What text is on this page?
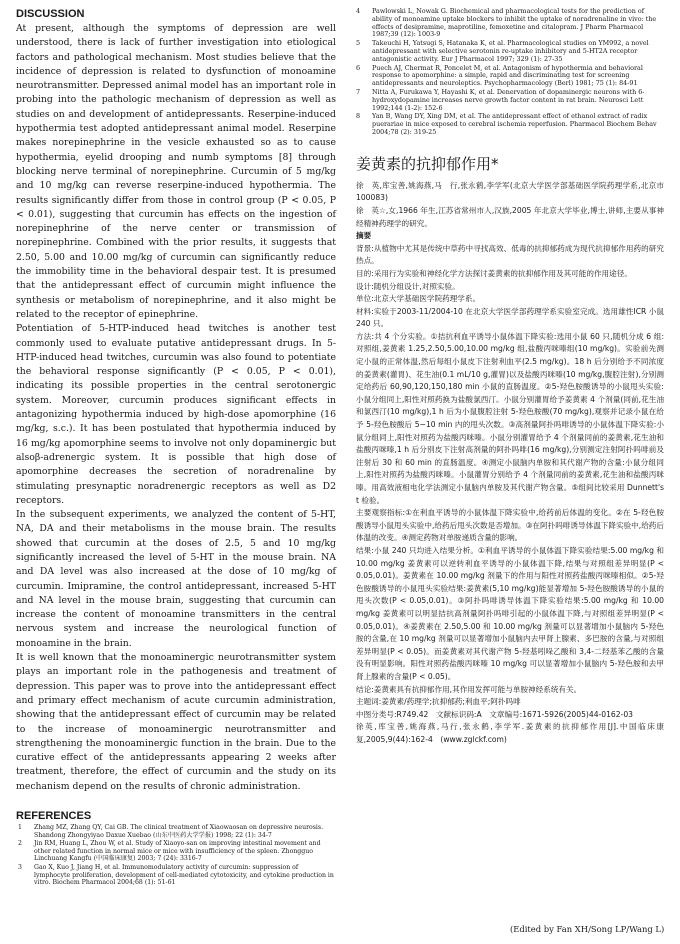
DISCUSSION

At present, although the symptoms of depression are well understood, there is lack of further investigation into etiological factors and pathological mechanism. Most studies believe that the incidence of depression is related to dysfunction of monoamine neurotransmitter. Depressed animal model has an important role in probing into the pathologic mechanism of depression as well as studies on and development of antidepressants. Reserpine-induced hypothermia test adopted antidepressant animal model. Reserpine makes norepinephrine in the vesicle exhausted so as to cause hypothermia, eyelid drooping and numb symptoms [8] through blocking nerve terminal of norepinephrine. Curcumin of 5 mg/kg and 10 mg/kg can reverse reserpine-induced hypothermia. The results significantly differ from those in control group (P < 0.05, P < 0.01), suggesting that curcumin has effects on the ingestion of norepinephrine of the nerve center or transmission of norepinephrine. Combined with the prior results, it suggests that 2.50, 5.00 and 10.00 mg/kg of curcumin can significantly reduce the immobility time in the behavioral despair test. It is presumed that the antidepressant effect of curcumin might influence the synthesis or metabolism of norepinephrine, and it also might be related to the receptor of epinephrine.

Potentiation of 5-HTP-induced head twitches is another test commonly used to evaluate putative antidepressant drugs. In 5-HTP-induced head twitches, curcumin was also found to potentiate the behavioral response significantly (P < 0.05, P < 0.01), indicating its possible properties in the central serotonergic system. Moreover, curcumin produces significant effects in antagonizing hypothermia induced by high-dose apomorphine (16 mg/kg, s.c.). It has been postulated that hypothermia induced by 16 mg/kg apomorphine seems to involve not only dopaminergic but alsoβ-adrenergic system. It is possible that high dose of apomorphine decreases the secretion of noradrenaline by stimulating presynaptic noradrenergic receptors as well as D2 receptors.

In the subsequent experiments, we analyzed the content of 5-HT, NA, DA and their metabolisms in the mouse brain. The results showed that curcumin at the doses of 2.5, 5 and 10 mg/kg significantly increased the level of 5-HT in the mouse brain. NA and DA level was also increased at the dose of 10 mg/kg of curcumin. Imipramine, the control antidepressant, increased 5-HT and NA level in the mouse brain, suggesting that curcumin can increase the content of monoamine transmitters in the central nervous system and increase the neurological function of monoamine in the brain.

It is well known that the monoaminergic neurotransmitter system plays an important role in the pathogenesis and treatment of depression. This paper was to prove into the antidepressant effect and primary effect mechanism of acute curcumin administration, showing that the antidepressant effect of curcumin may be related to the increase of monoaminergic neurotransmitter and strengthening the monoaminergic function in the brain. Due to the curative effect of the antidepressants appearing 2 weeks after treatment, therefore, the effect of curcumin and the study on its mechanism depend on the results of chronic administration.

REFERENCES
1	Zhang MZ, Zhang QY, Cai GB. The clinical treatment of Xiaowaosan on depressive neurosis. Shandong Zhongyiyao Daxue Xuebao (山东中医药大学学报) 1998; 22 (1): 34-7
2	Jin RM, Huang L, Zhou W, et al. Study of Xiaoyo-san on improving intestinal movement and other related function in normal mice or mice with insufficiency of the spleen. Zhongguo Linchuang Kangfu (中国临床康复) 2003; 7 (24): 3316-7
3	Gao X, Kuo J, Jiang H, et al. Immunomodulatory activity of curcumin: suppression of lymphocyte proliferation, development of cell-mediated cytotoxicity, and cytokine production in vitro. Biochem Pharmacol 2004;68 (1): 51-61
4	Pawlowski L, Nowak G. Biochemical and pharmacological tests for the prediction of ability of monoamine uptake blockers to inhibit the uptake of noradrenaline in vivo: the effects of desipramine, maprotiline, femoxetine and citalopram. J Pharm Pharmacol 1987;39 (12): 1003-9
5	Takeuchi H, Yatsugi S, Hatanaka K, et al. Pharmacological studies on YM992, a novel antidepressant with selective serotonin re-uptake inhibitory and 5-HT2A receptor antagonistic activity. Eur J Pharmacol 1997; 329 (1): 27-35
6	Puech AJ, Chermat R, Poncelet M, et al. Antagonism of hypothermia and behavioral response to apomorphine: a simple, rapid and discriminating test for screening antidepressants and neuroleptics. Psychopharmacology (Berl) 1981; 75 (1): 84-91
7	Nitta A, Furukawa Y, Hayashi K, et al. Denervation of dopaminergic neurons with 6-hydroxydopamine increases nerve growth factor content in rat brain. Neurosci Lett 1992;144 (1-2): 152-6
8	Yan B, Wang DY, Xing DM, et al. The antidepressant effect of ethanol extract of radix puerariae in mice exposed to cerebral ischemia reperfusion. Pharmacol Biochem Behav 2004;78 (2): 319-25
姜黄素的抗抑郁作用*

徐　英,库宝善,姚海燕,马　行,张永鹤,李学军(北京大学医学部基础医学院药理学系,北京市　100083)

徐　英☆,女,1966 年生,江苏省常州市人,汉族,2005 年北京大学毕业,博士,讲师,主要从事神经精神药理学的研究。

摘要

背景:从植物中尤其是传统中草药中寻找高效、低毒的抗抑郁药成为现代抗抑郁作用药的研究热点。

目的:采用行为实验和神经化学方法探讨姜黄素的抗抑郁作用及其可能的作用途径。

设计:随机分组设计,对照实验。

单位:北京大学基础医学院药理学系。

材料:实验于2003-11/2004-10 在北京大学医学部药理学系实验室完成。选用雄性ICR 小鼠240 只。

方法:共 4 个分实验。①拮抗利血平诱导小鼠体温下降实验:选用小鼠 60 只,随机分成 6 组:对照组,姜黄素 1.25,2.50,5.00,10.00 mg/kg 组,盐酸丙咪嗪组(10 mg/kg)。实验前先测定小鼠的正常体温,然后每组小鼠皮下注射利血平(2.5 mg/kg)。18 h 后分别给予不同浓度的姜黄素(灌胃)、花生油(0.1 mL/10 g,灌胃)以及盐酸丙咪嗪(10 mg/kg,腹腔注射),分别测定给药后 60,90,120,150,180 min 小鼠的直肠温度。②5-羟色胺酸诱导的小鼠甩头实验:小鼠分组同上,阳性对照药换为盐酸氯西汀。小鼠分别灌胃给予姜黄素 4 个剂量(同前,花生油和氯西汀(10 mg/kg),1 h 后为小鼠腹腔注射 5-羟色胺酸(70 mg/kg),观察并记录小鼠在给予 5-羟色胺酸后 5~10 min 内的甩头次数。③高剂量阿扑吗啡诱导的小鼠体温下降实验:小鼠分组同上,阳性对照药为盐酸丙咪嗪。小鼠分别灌胃给予 4 个剂量同前的姜黄素,花生油和盐酸丙咪嗪,1 h 后分别皮下注射高剂量的阿扑吗啡(16 mg/kg),分别测定注射阿扑吗啡前及注射后 30 和 60 min 的直肠温度。④测定小鼠脑内单胺和其代谢产物的含量:小鼠分组同上,阳性对照药为盐酸丙咪嗪。小鼠灌胃分别给予 4 个剂量同前的姜黄素,花生油和盐酸丙咪嗪。用高效液相电化学法测定小鼠脑内单胺及其代谢产物含量。⑤组间比较采用 Dunnett's t 检验。

主要观察指标:①在利血平诱导的小鼠体温下降实验中,给药前后体温的变化。②在 5-羟色胺酸诱导小鼠甩头实验中,给药后甩头次数是否增加。③在阿扑吗啡诱导体温下降实验中,给药后体温的改变。④测定药物对单胺递质含量的影响。

结果:小鼠 240 只均进入结果分析。①利血平诱导的小鼠体温下降实验结果:5.00 mg/kg 和 10.00 mg/kg 姜黄素可以逆转利血平诱导的小鼠体温下降,结果与对照组差异明显(P < 0.05,0.01)。姜黄素在 10.00 mg/kg 剂量下的作用与阳性对照药盐酸丙咪嗪相似。②5-羟色胺酸诱导的小鼠甩头实验结果:姜黄素(5,10 mg/kg)能显著增加 5-羟色胺酸诱导的小鼠的甩头次数(P < 0.05,0.01)。③阿扑吗啡诱导体温下降实验结果:5.00 mg/kg 和 10.00 mg/kg 姜黄素可以明显拮抗高剂量阿扑吗啡引起的小鼠体温下降,与对照组差异明显(P < 0.05,0.01)。④姜黄素在 2.50,5.00 和 10.00 mg/kg 剂量可以显著增加小鼠脑内 5-羟色胺的含量,在 10 mg/kg 剂量可以显著增加小鼠脑内去甲肾上腺素、多巴胺的含量,与对照组差异明显(P < 0.05)。而姜黄素对其代谢产物 5-羟基吲哚乙酸和 3,4-二羟基苯乙酸的含量没有明显影响。阳性对照药盐酸丙咪嗪 10 mg/kg 可以显著增加小鼠脑内 5-羟色胺和去甲肾上腺素的含量(P < 0.05)。

结论:姜黄素具有抗抑郁作用,其作用发挥可能与单胺神经系统有关。

主题词:姜黄素/药理学;抗抑郁药;利血平;阿扑吗啡

中图分类号:R749.42　文献标识码:A　文章编号:1671-5926(2005)44-0162-03

徐英,库宝善,姚海燕,马行,张永鹤,李学军.姜黄素的抗抑郁作用[J].中国临床康复,2005,9(44):162-4　(www.zglckf.com)

(Edited by Fan XH/Song LP/Wang L)
